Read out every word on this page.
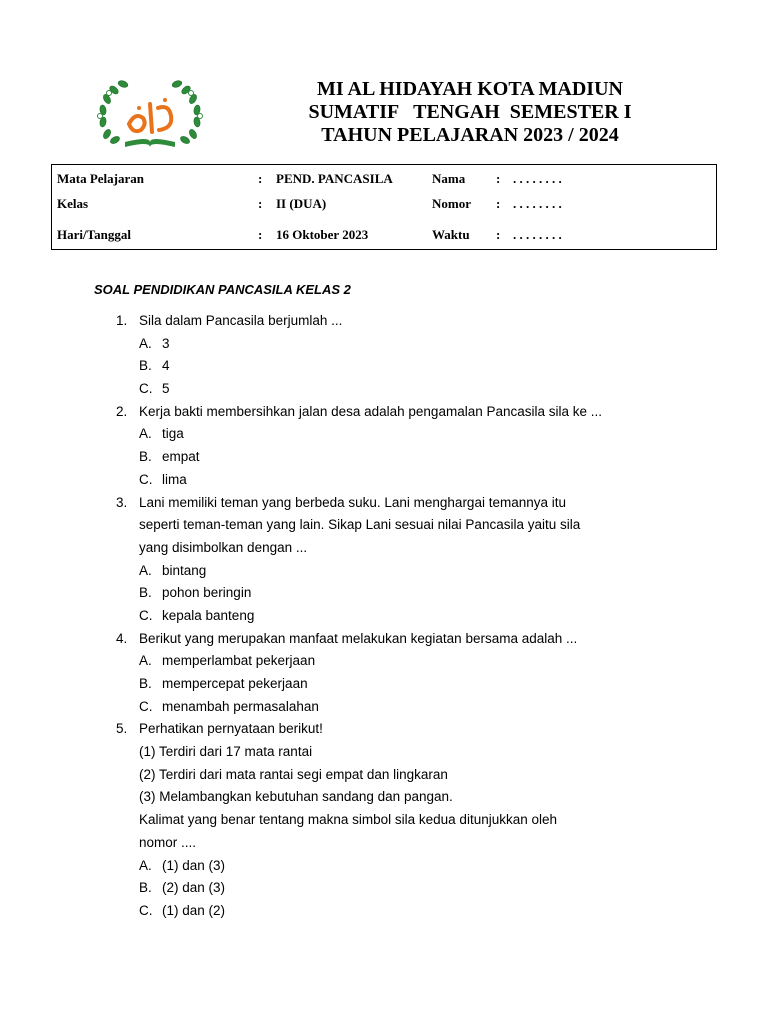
MI AL HIDAYAH KOTA MADIUN
SUMATIF   TENGAH  SEMESTER I
TAHUN PELAJARAN 2023 / 2024
Mata Pelajaran	: PEND. PANCASILA	Nama : . . . . . . . .
Kelas	: II (DUA)	Nomor : . . . . . . . .
Hari/Tanggal	: 16 Oktober 2023	Waktu : . . . . . . . .
SOAL PENDIDIKAN PANCASILA KELAS 2
1. Sila dalam Pancasila berjumlah ...
A. 3
B. 4
C. 5
2. Kerja bakti membersihkan jalan desa adalah pengamalan Pancasila sila ke ...
A. tiga
B. empat
C. lima
3. Lani memiliki teman yang berbeda suku. Lani menghargai temannya itu
seperti teman-teman yang lain. Sikap Lani sesuai nilai Pancasila yaitu sila
yang disimbolkan dengan ...
A. bintang
B. pohon beringin
C. kepala banteng
4. Berikut yang merupakan manfaat melakukan kegiatan bersama adalah ...
A. memperlambat pekerjaan
B. mempercepat pekerjaan
C. menambah permasalahan
5. Perhatikan pernyataan berikut!
(1) Terdiri dari 17 mata rantai
(2) Terdiri dari mata rantai segi empat dan lingkaran
(3) Melambangkan kebutuhan sandang dan pangan.
Kalimat yang benar tentang makna simbol sila kedua ditunjukkan oleh
nomor ....
A. (1) dan (3)
B. (2) dan (3)
C. (1) dan (2)
